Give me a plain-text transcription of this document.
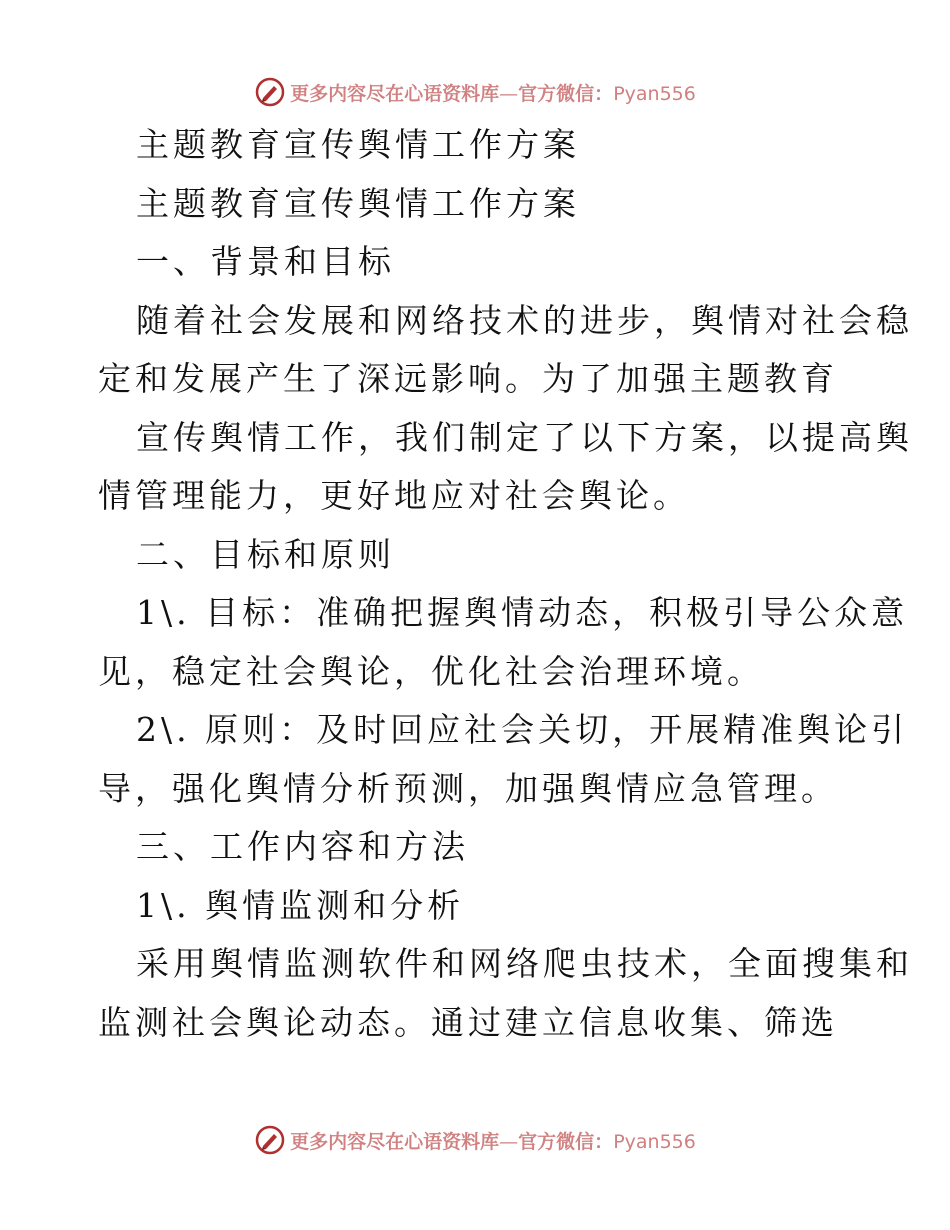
更多内容尽在心语资料库—官方微信：Pyan556
主题教育宣传舆情工作方案
主题教育宣传舆情工作方案
一、背景和目标
随着社会发展和网络技术的进步，舆情对社会稳
定和发展产生了深远影响。为了加强主题教育
宣传舆情工作，我们制定了以下方案，以提高舆
情管理能力，更好地应对社会舆论。
二、目标和原则
1\. 目标：准确把握舆情动态，积极引导公众意
见，稳定社会舆论，优化社会治理环境。
2\. 原则：及时回应社会关切，开展精准舆论引
导，强化舆情分析预测，加强舆情应急管理。
三、工作内容和方法
1\. 舆情监测和分析
采用舆情监测软件和网络爬虫技术，全面搜集和
监测社会舆论动态。通过建立信息收集、筛选
更多内容尽在心语资料库—官方微信：Pyan556
